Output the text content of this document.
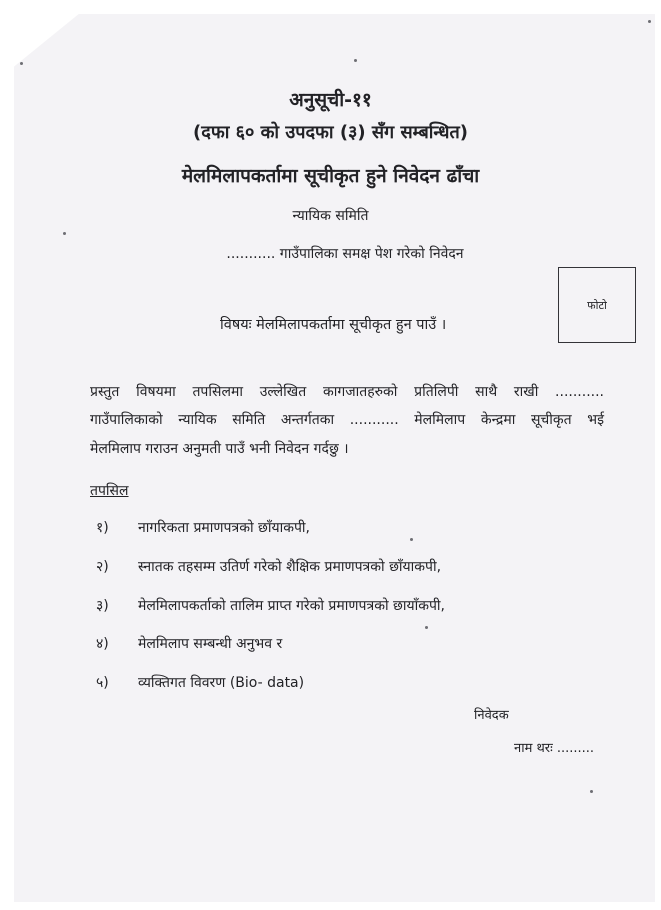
अनुसूची-११
(दफा ६० को उपदफा (३) सँग सम्बन्धित)
मेलमिलापकर्तामा सूचीकृत हुने निवेदन ढाँचा
न्यायिक समिति
........... गाउँपालिका समक्ष पेश गरेको निवेदन
फोटो
विषयः मेलमिलापकर्तामा सूचीकृत हुन पाउँ ।
प्रस्तुत विषयमा तपसिलमा उल्लेखित कागजातहरुको प्रतिलिपी साथै राखी ...........
गाउँपालिकाको न्यायिक समिति अन्तर्गतका ........... मेलमिलाप केन्द्रमा सूचीकृत भई
मेलमिलाप गराउन अनुमती पाउँ भनी निवेदन गर्दछु ।
तपसिल
१) नागरिकता प्रमाणपत्रको छाँयाकपी,
२) स्नातक तहसम्म उतिर्ण गरेको शैक्षिक प्रमाणपत्रको छाँयाकपी,
३) मेलमिलापकर्ताको तालिम प्राप्त गरेको प्रमाणपत्रको छायाँकपी,
४) मेलमिलाप सम्बन्धी अनुभव र
५) व्यक्तिगत विवरण (Bio- data)
निवेदक
नाम थरः .........
